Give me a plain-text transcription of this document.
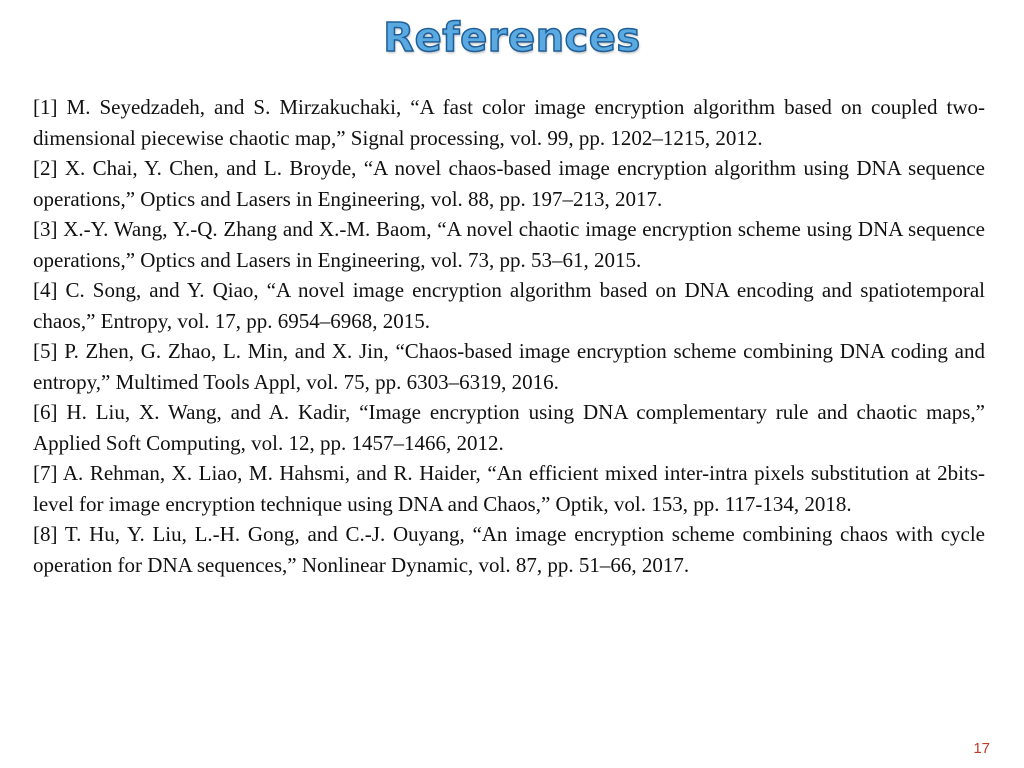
References

[1] M. Seyedzadeh, and S. Mirzakuchaki, “A fast color image encryption algorithm based on coupled two-dimensional piecewise chaotic map,” Signal processing, vol. 99, pp. 1202–1215, 2012.

[2] X. Chai, Y. Chen, and L. Broyde, “A novel chaos-based image encryption algorithm using DNA sequence operations,” Optics and Lasers in Engineering, vol. 88, pp. 197–213, 2017.

[3] X.-Y. Wang, Y.-Q. Zhang and X.-M. Baom, “A novel chaotic image encryption scheme using DNA sequence operations,” Optics and Lasers in Engineering, vol. 73, pp. 53–61, 2015.

[4] C. Song, and Y. Qiao, “A novel image encryption algorithm based on DNA encoding and spatiotemporal chaos,” Entropy, vol. 17, pp. 6954–6968, 2015.

[5] P. Zhen, G. Zhao, L. Min, and X. Jin, “Chaos-based image encryption scheme combining DNA coding and entropy,” Multimed Tools Appl, vol. 75, pp. 6303–6319, 2016.

[6] H. Liu, X. Wang, and A. Kadir, “Image encryption using DNA complementary rule and chaotic maps,” Applied Soft Computing, vol. 12, pp. 1457–1466, 2012.

[7] A. Rehman, X. Liao, M. Hahsmi, and R. Haider, “An efficient mixed inter-intra pixels substitution at 2bits-level for image encryption technique using DNA and Chaos,” Optik, vol. 153, pp. 117-134, 2018.

[8] T. Hu, Y. Liu, L.-H. Gong, and C.-J. Ouyang, “An image encryption scheme combining chaos with cycle operation for DNA sequences,” Nonlinear Dynamic, vol. 87, pp. 51–66, 2017.

17
